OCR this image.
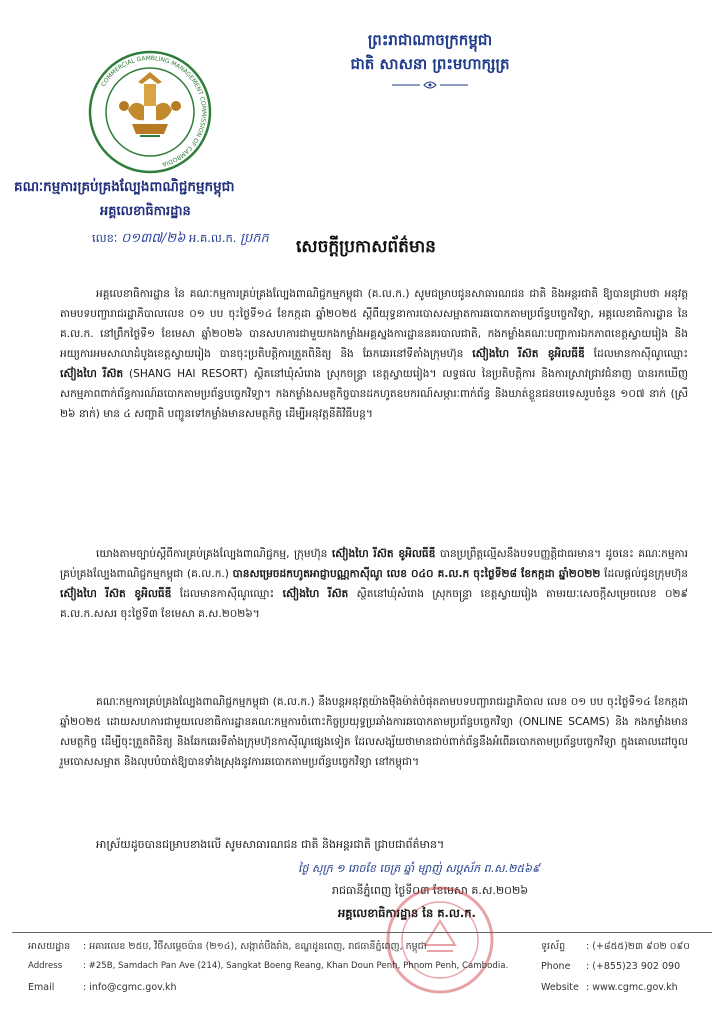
ព្រះរាជាណាចក្រកម្ពុជា
ជាតិ សាសនា ព្រះមហាក្សត្រ
COMMERCIAL GAMBLING MANAGEMENT COMMISSION OF CAMBODIA
គណៈកម្មការគ្រប់គ្រងល្បែងពាណិជ្ជកម្មកម្ពុជា
អគ្គលេខាធិការដ្ឋាន
លេខៈ ០១៣៧/២៦ អ.គ.ល.ក. ប្រកក សេចក្តីប្រកាសព័ត៌មាន
អគ្គលេខាធិការដ្ឋាន នៃ គណៈកម្មការគ្រប់គ្រងល្បែងពាណិជ្ជកម្មកម្ពុជា (គ.ល.ក.) សូមជម្រាបជូនសាធារណជន ជាតិ និងអន្តរជាតិ ឱ្យបានជ្រាបថា អនុវត្តតាមបទបញ្ជារាជរដ្ឋាភិបាលលេខ ០១ បប ចុះថ្ងៃទី១៤ ខែកក្កដា ឆ្នាំ២០២៥ ស្តីពីយុទ្ធនាការបោសសម្អាតការឆបោកតាមប្រព័ន្ធបច្ចេកវិទ្យា, អគ្គលេខាធិការដ្ឋាន នៃ គ.ល.ក. នៅព្រឹកថ្ងៃទី១ ខែមេសា ឆ្នាំ២០២៦ បានសហការជាមួយកងកម្លាំងអគ្គស្នងការដ្ឋាននគរបាលជាតិ, កងកម្លាំងគណៈបញ្ជាការឯកភាពខេត្តស្វាយរៀង និង អយ្យការអមសាលាដំបូងខេត្តស្វាយរៀង បានចុះប្រតិបត្តិការត្រួតពិនិត្យ និង ឆែកឆេរនៅទីតាំងក្រុមហ៊ុន ស៊ៀងហៃ រីស៊ត ខូអិលធីឌី ដែលមានកាស៊ីណូឈ្មោះ ស៊ៀងហៃ រីស៊ត (SHANG HAI RESORT) ស្ថិតនៅឃុំសំរោង ស្រុកចន្ទ្រា ខេត្តស្វាយរៀង។ លទ្ធផល នៃប្រតិបត្តិការ និងការស្រាវជ្រាវជំនាញ បានរកឃើញសកម្មភាពពាក់ព័ន្ធការណ៍ឆបោកតាមប្រព័ន្ធបច្ចេកវិទ្យា។ កងកម្លាំងសមត្ថកិច្ចបានដកហូតឧបករណ៍សម្ភារៈពាក់ព័ន្ធ និងឃាត់ខ្លួនជនបរទេសរួបចំនួន ១០៧ នាក់ (ស្រី ២៦ នាក់) មាន ៤ សញ្ជាតិ បញ្ជូនទៅកម្លាំងមានសមត្ថកិច្ច ដើម្បីអនុវត្តនីតិវិធីបន្ត។
យោងតាមច្បាប់ស្តីពីការគ្រប់គ្រងល្បែងពាណិជ្ជកម្ម, ក្រុមហ៊ុន ស៊ៀងហៃ រីស៊ត ខូអិលធីឌី បានប្រព្រឹត្តល្មើសនឹងបទបញ្ញត្តិជាធរមាន។ ដូចនេះ គណៈកម្មការគ្រប់គ្រងល្បែងពាណិជ្ជកម្មកម្ពុជា (គ.ល.ក.) បានសម្រេចដកហូតអាជ្ញាបណ្ណកាស៊ីណូ លេខ ០៤០ គ.ល.ក ចុះថ្ងៃទី២៨ ខែកក្កដា ឆ្នាំ២០២២ ដែលផ្តល់ជូនក្រុមហ៊ុន ស៊ៀងហៃ រីស៊ត ខូអិលធីឌី ដែលមានកាស៊ីណូឈ្មោះ ស៊ៀងហៃ រីស៊ត ស្ថិតនៅឃុំសំរោង ស្រុកចន្ទ្រា ខេត្តស្វាយរៀង តាមរយៈសេចក្តីសម្រេចលេខ ០២៩ គ.ល.ក.សសរ ចុះថ្ងៃទី៣ ខែមេសា គ.ស.២០២៦។
គណៈកម្មការគ្រប់គ្រងល្បែងពាណិជ្ជកម្មកម្ពុជា (គ.ល.ក.) នឹងបន្តអនុវត្តយ៉ាងម៉ឺងម៉ាត់បំផុតតាមបទបញ្ជារាជរដ្ឋាភិបាល លេខ ០១ បប ចុះថ្ងៃទី១៤ ខែកក្កដា ឆ្នាំ២០២៥ ដោយសហការជាមួយលេខាធិការដ្ឋានគណៈកម្មការចំពោះកិច្ចប្រយុទ្ធប្រឆាំងការឆបោកតាមប្រព័ន្ធបច្ចេកវិទ្យា (ONLINE SCAMS) និង កងកម្លាំងមានសមត្ថកិច្ច ដើម្បីចុះត្រួតពិនិត្យ និងឆែកឆេរទីតាំងក្រុមហ៊ុនកាស៊ីណូផ្សេងទៀត ដែលសង្ស័យថាមានជាប់ពាក់ព័ន្ធនឹងអំពើឆបោកតាមប្រព័ន្ធបច្ចេកវិទ្យា ក្នុងគោលដៅចូលរួមបោសសម្អាត និងលុបបំបាត់ឱ្យបានទាំងស្រុងនូវការឆបោកតាមប្រព័ន្ធបច្ចេកវិទ្យា នៅកម្ពុជា។
អាស្រ័យដូចបានជម្រាបខាងលើ សូមសាធារណជន ជាតិ និងអន្តរជាតិ ជ្រាបជាព័ត៌មាន។
ថ្ងៃ សុក្រ ១ រោចខែ ចេត្រ ឆ្នាំ ម្សាញ់ សប្តស័ក ព.ស.២៥៦៩
រាជធានីភ្នំពេញ ថ្ងៃទី០៣ ខែមេសា គ.ស.២០២៦
អគ្គលេខាធិការដ្ឋាន នៃ គ.ល.ក.
អាសយដ្ឋាន : អគារលេខ ២៥ប, វិថីសម្ដេចប៉ាន (២១៤), សង្កាត់បឹងរាំង, ខណ្ឌដូនពេញ, រាជធានីភ្នំពេញ, កម្ពុជា	ទូរស័ព្ទ : (+៨៥៥)២៣ ៩០២ ០៩០
Address : #25B, Samdach Pan Ave (214), Sangkat Boeng Reang, Khan Doun Penh, Phnom Penh, Cambodia.	Phone : (+855)23 902 090
Email	: info@cgmc.gov.kh	Website : www.cgmc.gov.kh
